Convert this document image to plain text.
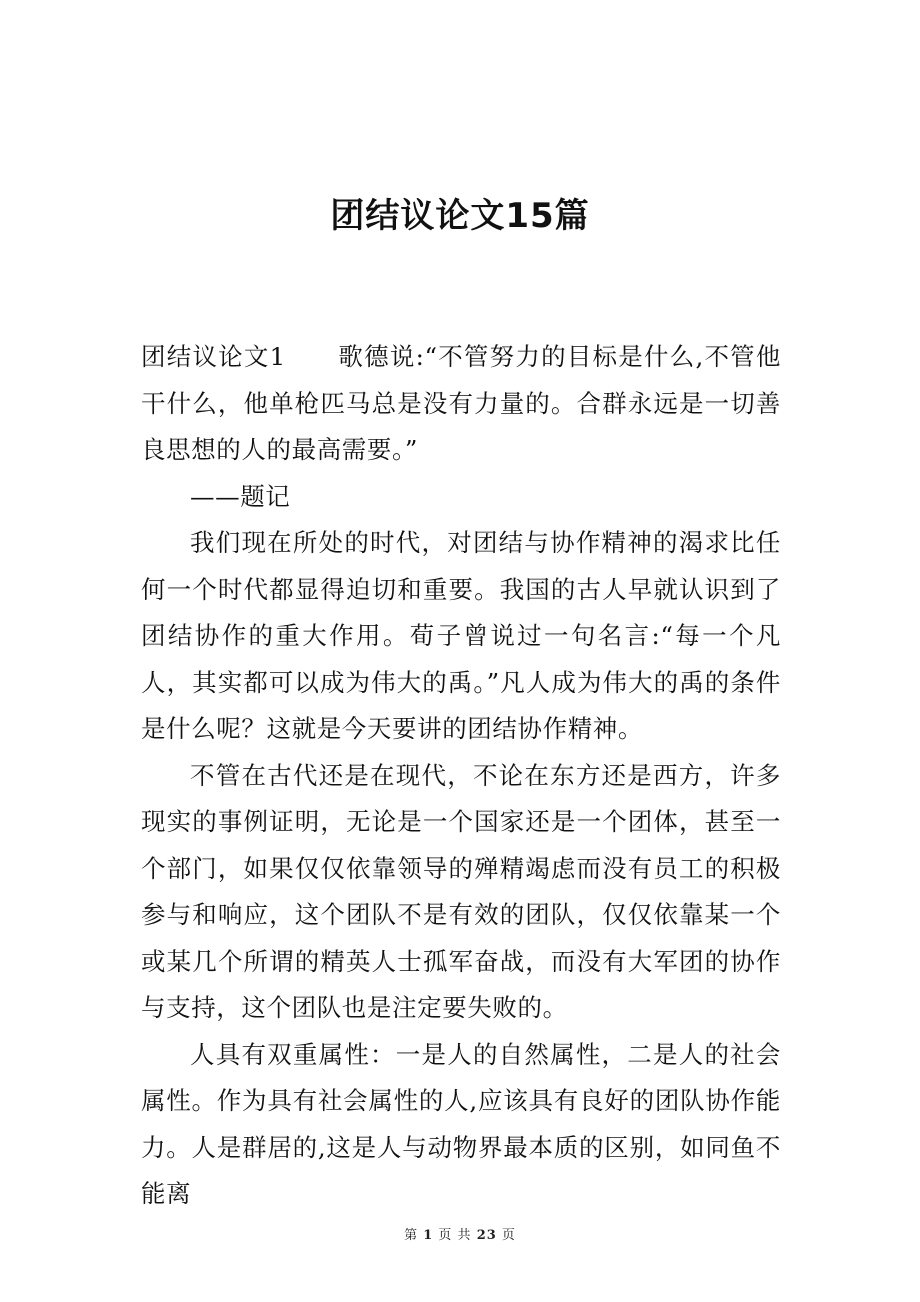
团结议论文15篇

团结议论文1 歌德说:“不管努力的目标是什么,不管他干什么，他单枪匹马总是没有力量的。合群永远是一切善良思想的人的最高需要。”

——题记

我们现在所处的时代，对团结与协作精神的渴求比任何一个时代都显得迫切和重要。我国的古人早就认识到了团结协作的重大作用。荀子曾说过一句名言:“每一个凡人，其实都可以成为伟大的禹。”凡人成为伟大的禹的条件是什么呢？这就是今天要讲的团结协作精神。

不管在古代还是在现代，不论在东方还是西方，许多现实的事例证明，无论是一个国家还是一个团体，甚至一个部门，如果仅仅依靠领导的殚精竭虑而没有员工的积极参与和响应，这个团队不是有效的团队，仅仅依靠某一个或某几个所谓的精英人士孤军奋战，而没有大军团的协作与支持，这个团队也是注定要失败的。

人具有双重属性：一是人的自然属性，二是人的社会属性。作为具有社会属性的人,应该具有良好的团队协作能力。人是群居的,这是人与动物界最本质的区别，如同鱼不能离

第 1 页 共 23 页
